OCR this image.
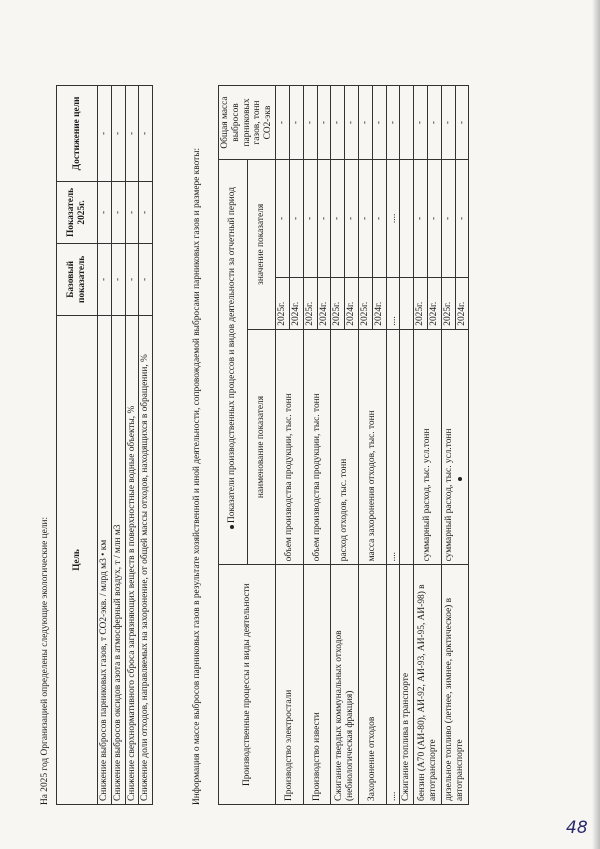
На 2025 год Организацией определены следующие экологические цели: Цель	Базовый показатель	Показатель 2025г.	Достижение цели
Снижение выбросов парниковых газов, т СО2-экв. / млрд м3 • км	-	-	-
Снижение выбросов оксидов азота в атмосферный воздух, т / млн м3	-	-	-
Снижение сверхнормативного сброса загрязняющих веществ в поверхностные водные объекты, %	-	-	-
Снижение доли отходов, направляемых на захоронение, от общей массы отходов, находящихся в обращении, %	-	-	-
Информация о массе выбросов парниковых газов в результате хозяйственной и иной деятельности, сопровождаемой выбросами парниковых газов и размере квоты:	Производственные процессы и виды деятельности	Показатели производственных процессов и видов деятельности за отчетный период			Общая масса выбросов парниковых газов, тонн СО2-экв
	наименование показателя	значение показателя		
Производство электростали	объем производства продукции, тыс. тонн	2025г.	-	-
		2024г.	-	-
Производство извести	объем производства продукции, тыс. тонн	2025г.	-	-
		2024г.	-	-
Сжигание твердых коммунальных отходов (небиологическая фракция)	расход отходов, тыс. тонн	2025г.	-	-
		2024г.	-	-
Захоронение отходов	масса захоронения отходов, тыс. тонн	2025г.	-	-
		2024г.	-	-
....	....	....	....	-
Сжигание топлива в транспорте				
бензин (А70 (АИ-80), АИ-92, АИ-93, АИ-95, АИ-98) в автотранспорте	суммарный расход, тыс. усл.тонн	2025г.	-	-
		2024г.	-	-
дизельное топливо (летнее, зимнее, арктическое) в автотранспорте	суммарный расход, тыс. усл.тонн	2025г.	-	-
		2024г.	-	-
48
